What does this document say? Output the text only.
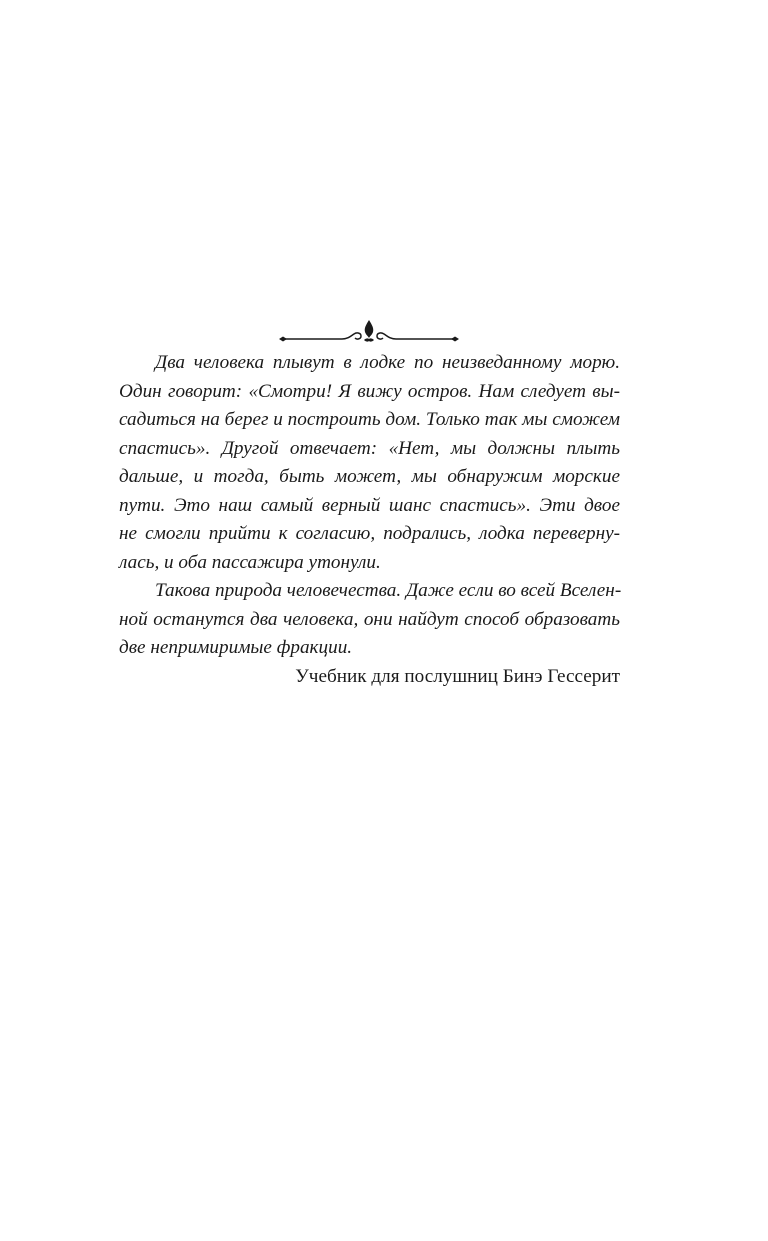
Два человека плывут в лодке по неизведанному морю.
Один говорит: «Смотри! Я вижу остров. Нам следует вы-
садиться на берег и построить дом. Только так мы сможем
спастись». Другой отвечает: «Нет, мы должны плыть
дальше, и тогда, быть может, мы обнаружим морские
пути. Это наш самый верный шанс спастись». Эти двое
не смогли прийти к согласию, подрались, лодка переверну-
лась, и оба пассажира утонули.

Такова природа человечества. Даже если во всей Вселен-
ной останутся два человека, они найдут способ образовать
две непримиримые фракции.

Учебник для послушниц Бинэ Гессерит
